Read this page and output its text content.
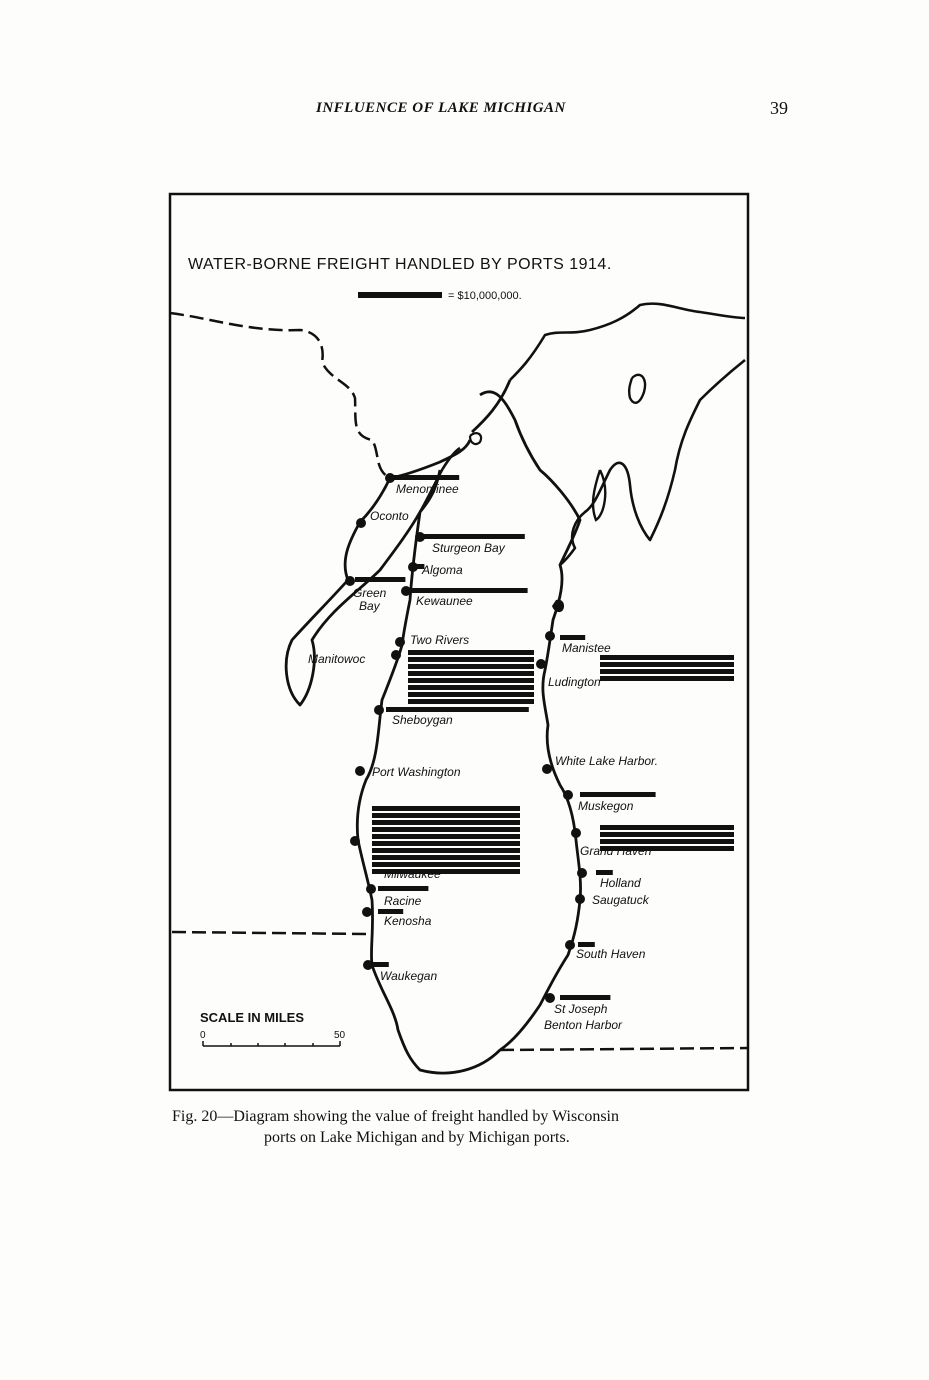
INFLUENCE OF LAKE MICHIGAN	39
WATER-BORNE FREIGHT HANDLED BY PORTS 1914.
= $10,000,000.
Menominee
Oconto
Sturgeon Bay
Algoma
Green Bay	Kewaunee
Two Rivers
Manitowoc
Sheboygan
Port Washington
Milwaukee
Racine
Kenosha
Waukegan
Manistee
Ludington
White Lake Harbor.
Muskegon
Grand Haven
Holland
Saugatuck
South Haven
St Joseph
Benton Harbor
SCALE IN MILES
0	50
Fig. 20—Diagram showing the value of freight handled by Wisconsin
ports on Lake Michigan and by Michigan ports.
